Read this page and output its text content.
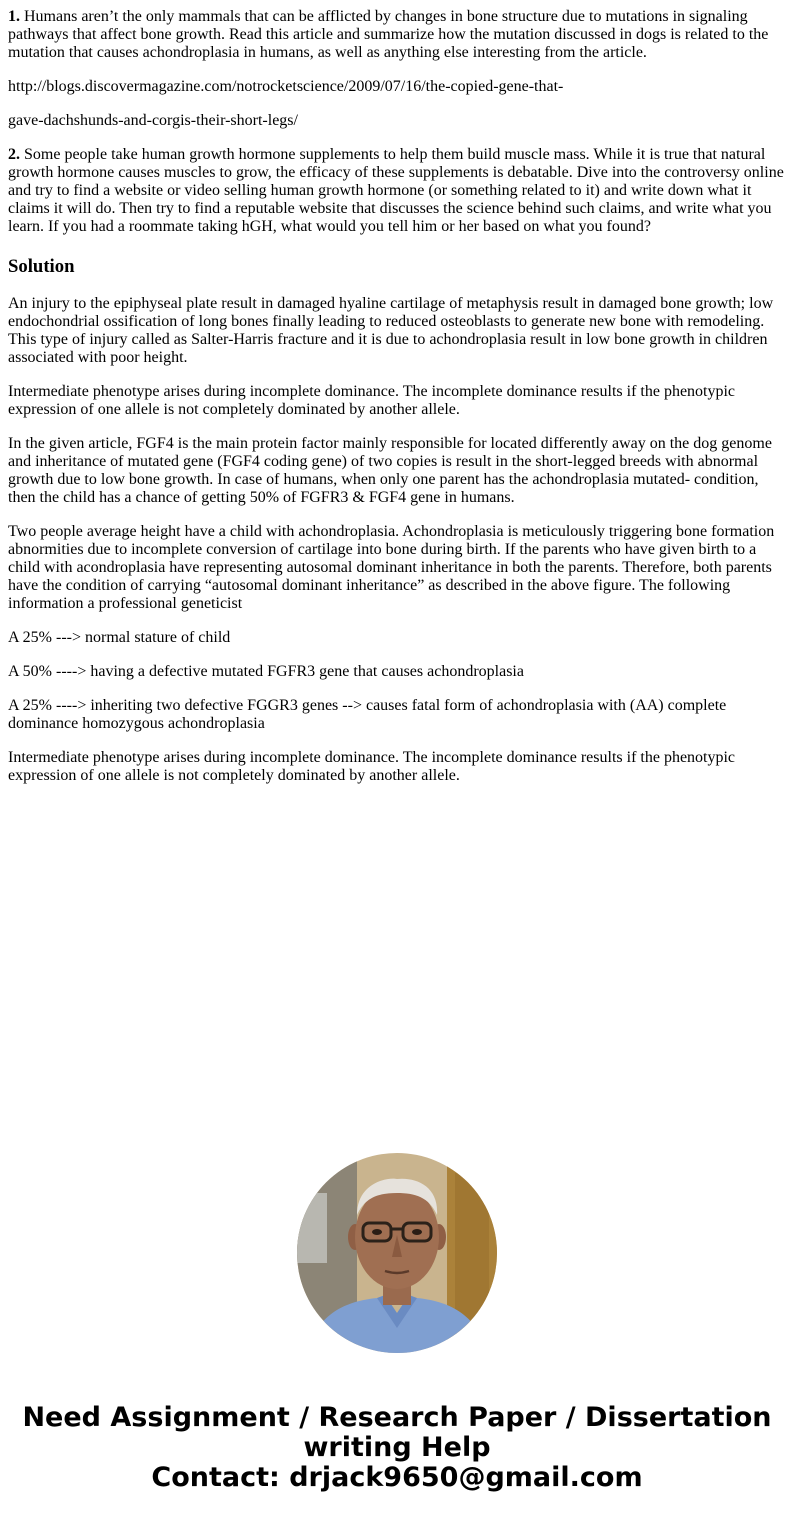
1. Humans aren’t the only mammals that can be afflicted by changes in bone structure due to mutations in signaling pathways that affect bone growth. Read this article and summarize how the mutation discussed in dogs is related to the mutation that causes achondroplasia in humans, as well as anything else interesting from the article.

http://blogs.discovermagazine.com/notrocketscience/2009/07/16/the-copied-gene-that-

gave-dachshunds-and-corgis-their-short-legs/

2. Some people take human growth hormone supplements to help them build muscle mass. While it is true that natural growth hormone causes muscles to grow, the efficacy of these supplements is debatable. Dive into the controversy online and try to find a website or video selling human growth hormone (or something related to it) and write down what it claims it will do. Then try to find a reputable website that discusses the science behind such claims, and write what you learn. If you had a roommate taking hGH, what would you tell him or her based on what you found?

Solution

An injury to the epiphyseal plate result in damaged hyaline cartilage of metaphysis result in damaged bone growth; low endochondrial ossification of long bones finally leading to reduced osteoblasts to generate new bone with remodeling. This type of injury called as Salter-Harris fracture and it is due to achondroplasia result in low bone growth in children associated with poor height.

Intermediate phenotype arises during incomplete dominance. The incomplete dominance results if the phenotypic expression of one allele is not completely dominated by another allele.

In the given article, FGF4 is the main protein factor mainly responsible for located differently away on the dog genome and inheritance of mutated gene (FGF4 coding gene) of two copies is result in the short-legged breeds with abnormal growth due to low bone growth. In case of humans, when only one parent has the achondroplasia mutated- condition, then the child has a chance of getting 50% of FGFR3 & FGF4 gene in humans.

Two people average height have a child with achondroplasia. Achondroplasia is meticulously triggering bone formation abnormities due to incomplete conversion of cartilage into bone during birth. If the parents who have given birth to a child with acondroplasia have representing autosomal dominant inheritance in both the parents. Therefore, both parents have the condition of carrying “autosomal dominant inheritance” as described in the above figure. The following information a professional geneticist

A 25% ---> normal stature of child

A 50% ----> having a defective mutated FGFR3 gene that causes achondroplasia

A 25% ----> inheriting two defective FGGR3 genes --> causes fatal form of achondroplasia with (AA) complete dominance homozygous achondroplasia

Intermediate phenotype arises during incomplete dominance. The incomplete dominance results if the phenotypic expression of one allele is not completely dominated by another allele.

Need Assignment / Research Paper / Dissertation
writing Help
Contact: drjack9650@gmail.com
